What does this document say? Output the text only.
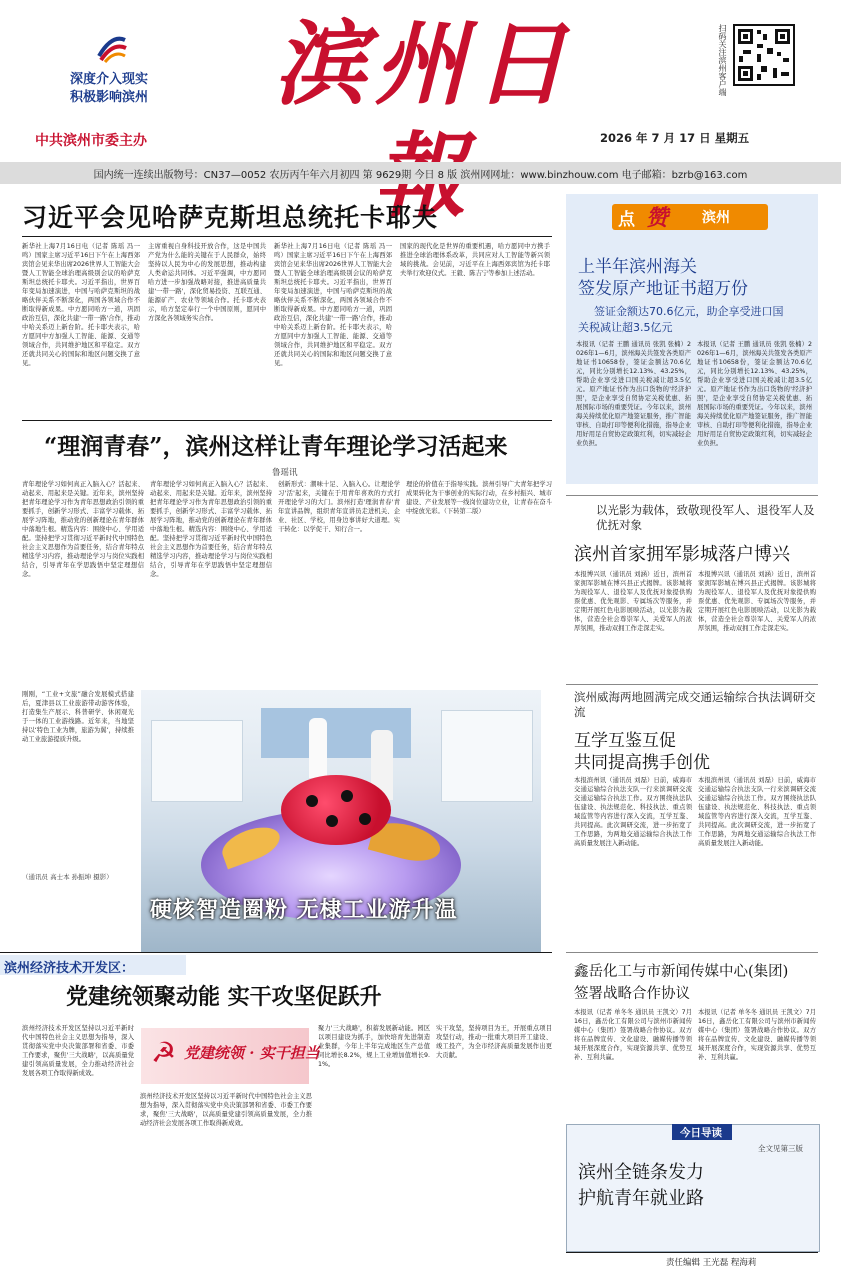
深度介入现实
积极影响滨州	滨州日
中共滨州市委主办	2026 年 7 月 17 日 星期五
扫码关注滨州客户端
国内统一连续出版物号：CN37—0052 农历丙午年六月初四 第 9629期 今日 8 版 滨州网网址：www.binzhouw.com 电子邮箱：bzrb@163.com
习近平会见哈萨克斯坦总统托卡耶夫
新华社上海7月16日电（记者 陈瑶 冯一鸣）国家主席习近平16日下午在上海西郊宾馆会见来华出席2026世界人工智能大会暨人工智能全球治理高级别会议的哈萨克斯坦总统托卡耶夫。习近平指出，世界百年变局加速演进，中国与哈萨克斯坦的战略伙伴关系不断深化，两国各领域合作不断取得新成果。中方愿同哈方一道，巩固政治互信，深化共建'一带一路'合作，推动中哈关系迈上新台阶。托卡耶夫表示，哈方愿同中方加强人工智能、能源、交通等领域合作，共同维护地区和平稳定。双方还就共同关心的国际和地区问题交换了意见。
主席重视自身科技开放合作，这是中国共产党为什么能的关键在于人民群众，始终坚持以人民为中心的发展思想，推动构建人类命运共同体。习近平强调，中方愿同哈方进一步加强战略对接，推进高质量共建'一带一路'，深化贸易投资、互联互通、能源矿产、农业等领域合作。托卡耶夫表示，哈方坚定奉行一个中国原则，愿同中方深化各领域务实合作。
新华社上海7月16日电（记者 陈瑶 冯一鸣）国家主席习近平16日下午在上海西郊宾馆会见来华出席2026世界人工智能大会暨人工智能全球治理高级别会议的哈萨克斯坦总统托卡耶夫。习近平指出，世界百年变局加速演进，中国与哈萨克斯坦的战略伙伴关系不断深化，两国各领域合作不断取得新成果。中方愿同哈方一道，巩固政治互信，深化共建'一带一路'合作，推动中哈关系迈上新台阶。托卡耶夫表示，哈方愿同中方加强人工智能、能源、交通等领域合作，共同维护地区和平稳定。双方还就共同关心的国际和地区问题交换了意见。
国家的现代化是世界的重要机遇，哈方愿同中方携手推进全球治理体系改革，共同应对人工智能等新兴领域的挑战。会见前，习近平在上海西郊宾馆为托卡耶夫举行欢迎仪式。王毅、陈吉宁等参加上述活动。
点 赞 滨州
上半年滨州海关
签发原产地证书超万份
签证金额达70.6亿元，助企享受进口国
关税减让超3.5亿元
本报讯（记者 王鹏 通讯员 张凯 张楠）2026年1—6月，滨州海关共签发各类原产地证书10658份，签证金额达70.6亿元，同比分别增长12.13%、43.25%，帮助企业享受进口国关税减让超3.5亿元。原产地证书作为出口货物的'经济护照'，是企业享受自贸协定关税优惠、拓展国际市场的重要凭证。今年以来，滨州海关持续优化原产地签证服务，推广智能审核、自助打印等便利化措施，指导企业用好用足自贸协定政策红利，切实减轻企业负担。
本报讯（记者 王鹏 通讯员 张凯 张楠）2026年1—6月，滨州海关共签发各类原产地证书10658份，签证金额达70.6亿元，同比分别增长12.13%、43.25%，帮助企业享受进口国关税减让超3.5亿元。原产地证书作为出口货物的'经济护照'，是企业享受自贸协定关税优惠、拓展国际市场的重要凭证。今年以来，滨州海关持续优化原产地签证服务，推广智能审核、自助打印等便利化措施，指导企业用好用足自贸协定政策红利，切实减轻企业负担。
“理润青春”，滨州这样让青年理论学习活起来
鲁瑶讯
青年理论学习如何真正入脑入心？活起来、动起来、用起来是关键。近年来，滨州坚持把青年理论学习作为青年思想政治引领的重要抓手，创新学习形式、丰富学习载体、拓展学习阵地，推动党的创新理论在青年群体中落地生根。精选内容：围绕中心、学用适配。坚持把学习贯彻习近平新时代中国特色社会主义思想作为首要任务，结合青年特点精选学习内容，推动理论学习与岗位实践相结合，引导青年在学思践悟中坚定理想信念。
青年理论学习如何真正入脑入心？活起来、动起来、用起来是关键。近年来，滨州坚持把青年理论学习作为青年思想政治引领的重要抓手，创新学习形式、丰富学习载体、拓展学习阵地，推动党的创新理论在青年群体中落地生根。精选内容：围绕中心、学用适配。坚持把学习贯彻习近平新时代中国特色社会主义思想作为首要任务，结合青年特点精选学习内容，推动理论学习与岗位实践相结合，引导青年在学思践悟中坚定理想信念。
创新形式：潮味十足、入脑入心。让理论学习'活'起来，关键在于用青年喜欢的方式打开理论学习的大门。滨州打造'理润青春'青年宣讲品牌，组织青年宣讲员走进机关、企业、社区、学校，用身边事讲好大道理。实干转化：以学促干、知行合一。
理论的价值在于指导实践。滨州引导广大青年把学习成果转化为干事创业的实际行动，在乡村振兴、城市建设、产业发展等一线岗位建功立业，让青春在奋斗中绽放光彩。（下转第二版）	以光影为载体，致敬现役军人、退役军人及优抚对象
滨州首家拥军影城落户博兴
本报博兴讯（通讯员 刘涵）近日，滨州首家拥军影城在博兴县正式揭牌。该影城将为现役军人、退役军人及优抚对象提供购票优惠、优先观影、专属场次等服务，并定期开展红色电影展映活动，以光影为载体，营造全社会尊崇军人、关爱军人的浓厚氛围，推动双拥工作走深走实。
本报博兴讯（通讯员 刘涵）近日，滨州首家拥军影城在博兴县正式揭牌。该影城将为现役军人、退役军人及优抚对象提供购票优惠、优先观影、专属场次等服务，并定期开展红色电影展映活动，以光影为载体，营造全社会尊崇军人、关爱军人的浓厚氛围，推动双拥工作走深走实。
刚刚，“工业+文旅”融合发展模式搭建后，夏津县以工业旅游带动游客体验，打造集生产展示、科普研学、休闲观光于一体的工业游线路。近年来，当地坚持以‘特色工业为牌，旅游为翼’，持续推动工业旅游提质升级。
（通讯员 高士本 孙振坤 摄影）
硬核智造圈粉 无棣工业游升温
滨州威海两地圆满完成交通运输综合执法调研交流
互学互鉴互促
共同提高携手创优
本报滨州讯（通讯员 刘磊）日前，威海市交通运输综合执法支队一行来滨调研交流交通运输综合执法工作。双方围绕执法队伍建设、执法规范化、科技执法、重点领域监管等内容进行深入交流，互学互鉴、共同提高。此次调研交流，进一步拓宽了工作思路，为两地交通运输综合执法工作高质量发展注入新动能。
本报滨州讯（通讯员 刘磊）日前，威海市交通运输综合执法支队一行来滨调研交流交通运输综合执法工作。双方围绕执法队伍建设、执法规范化、科技执法、重点领域监管等内容进行深入交流，互学互鉴、共同提高。此次调研交流，进一步拓宽了工作思路，为两地交通运输综合执法工作高质量发展注入新动能。
滨州经济技术开发区：
党建统领聚动能 实干攻坚促跃升
滨州经济技术开发区坚持以习近平新时代中国特色社会主义思想为指导，深入贯彻落实党中央决策部署和省委、市委工作要求，聚焦'三大战略'，以高质量党建引领高质量发展，全力推动经济社会发展各项工作取得新成效。
☭ 党建统领 · 实干担当
滨州经济技术开发区坚持以习近平新时代中国特色社会主义思想为指导，深入贯彻落实党中央决策部署和省委、市委工作要求，聚焦'三大战略'，以高质量党建引领高质量发展，全力推动经济社会发展各项工作取得新成效。
聚力'三大战略'，积蓄发展新动能。园区以项目建设为抓手，加快培育先进制造业集群，今年上半年完成地区生产总值同比增长8.2%，规上工业增加值增长9.1%。
实干攻坚，坚持项目为王，开展重点项目攻坚行动，推动一批重大项目开工建设、竣工投产，为全市经济高质量发展作出更大贡献。
鑫岳化工与市新闻传媒中心(集团)
签署战略合作协议
本报讯（记者 单冬冬 通讯员 王凯文）7月16日，鑫岳化工有限公司与滨州市新闻传媒中心（集团）签署战略合作协议。双方将在品牌宣传、文化建设、融媒传播等领域开展深度合作，实现资源共享、优势互补、互利共赢。
本报讯（记者 单冬冬 通讯员 王凯文）7月16日，鑫岳化工有限公司与滨州市新闻传媒中心（集团）签署战略合作协议。双方将在品牌宣传、文化建设、融媒传播等领域开展深度合作，实现资源共享、优势互补、互利共赢。
今日导读
全文见第三版
滨州全链条发力
护航青年就业路
责任编辑 王光磊 程海莉
